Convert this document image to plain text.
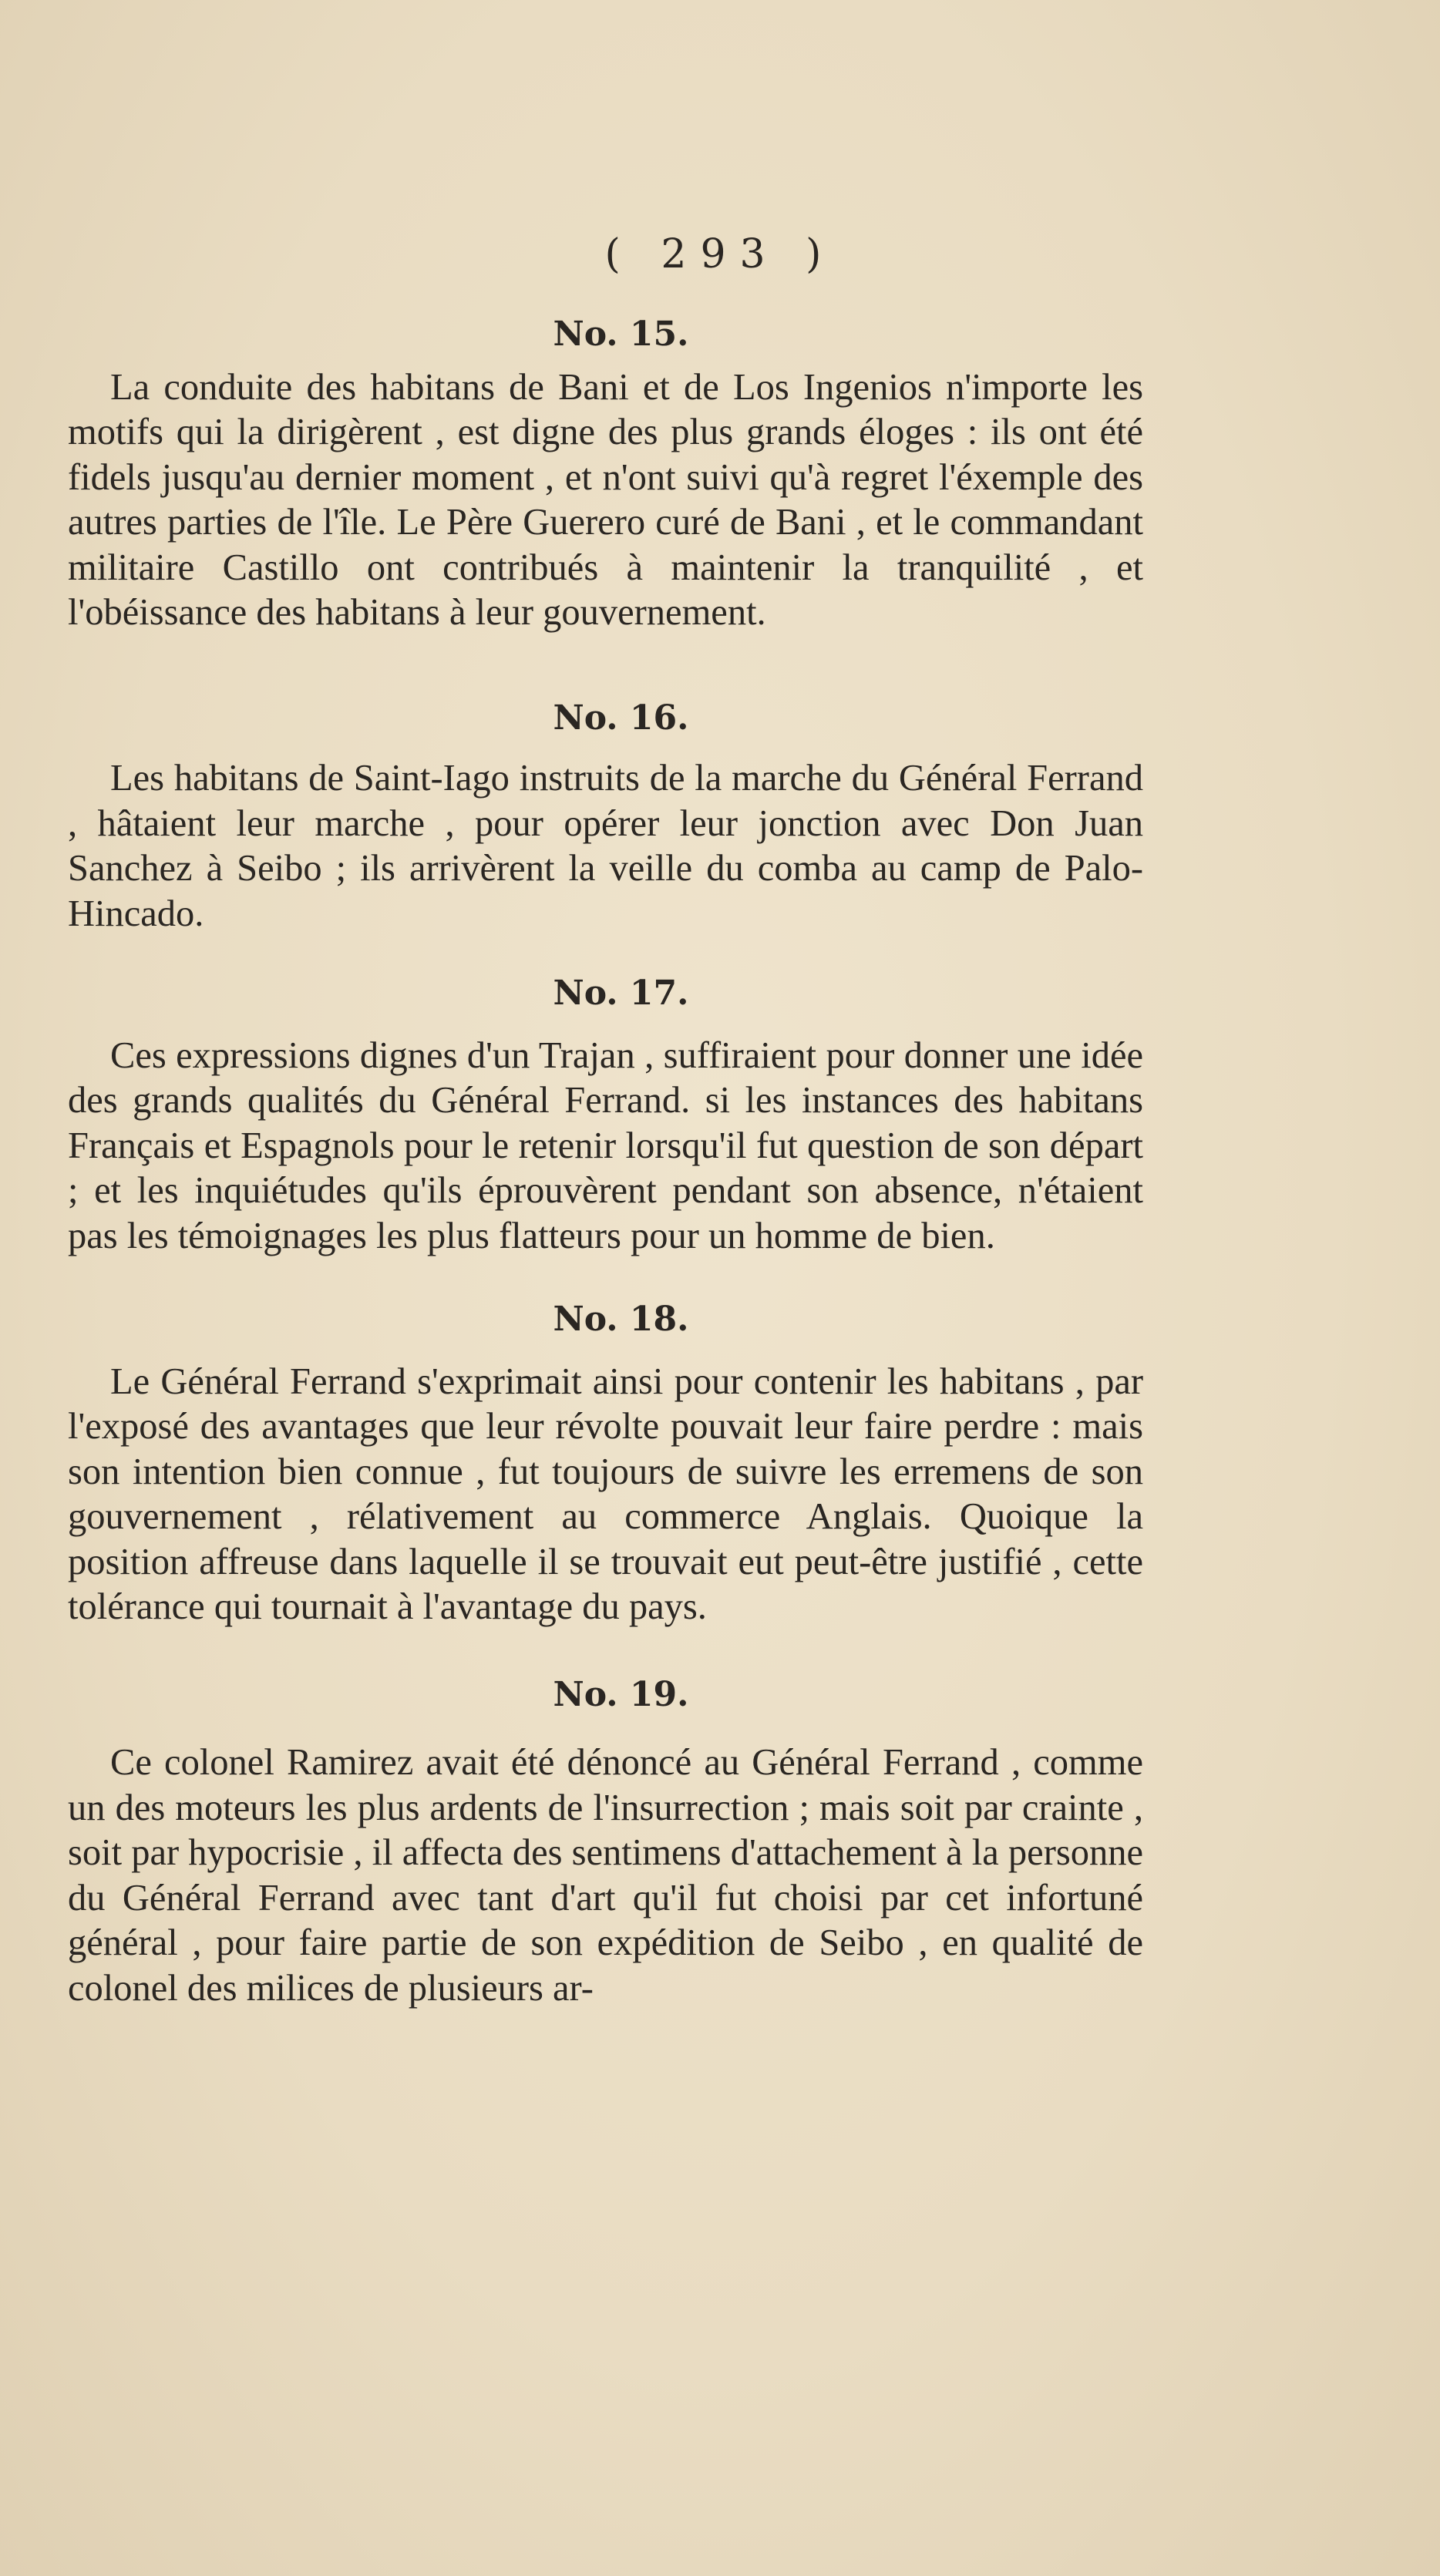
( 293 )
No. 15.

La conduite des habitans de Bani et de Los Ingenios n'importe les motifs qui la dirigèrent , est digne des plus grands éloges : ils ont été fidels jusqu'au dernier moment , et n'ont suivi qu'à regret l'éxemple des autres parties de l'île. Le Père Guerero curé de Bani , et le commandant militaire Castillo ont contribués à maintenir la tranquilité , et l'obéissance des habitans à leur gouvernement.

No. 16.

Les habitans de Saint-Iago instruits de la marche du Général Ferrand , hâtaient leur marche , pour opérer leur jonction avec Don Juan Sanchez à Seibo ; ils arrivèrent la veille du comba au camp de Palo-Hincado.

No. 17.

Ces expressions dignes d'un Trajan , suffiraient pour donner une idée des grands qualités du Général Ferrand. si les instances des habitans Français et Espagnols pour le retenir lorsqu'il fut question de son départ ; et les inquiétudes qu'ils éprouvèrent pendant son absence, n'étaient pas les témoignages les plus flatteurs pour un homme de bien.

No. 18.

Le Général Ferrand s'exprimait ainsi pour contenir les habitans , par l'exposé des avantages que leur révolte pouvait leur faire perdre : mais son intention bien connue , fut toujours de suivre les erremens de son gouvernement , rélativement au commerce Anglais. Quoique la position affreuse dans laquelle il se trouvait eut peut-être justifié , cette tolérance qui tournait à l'avantage du pays.

No. 19.

Ce colonel Ramirez avait été dénoncé au Général Ferrand , comme un des moteurs les plus ardents de l'insurrection ; mais soit par crainte , soit par hypocrisie , il affecta des sentimens d'attachement à la personne du Général Ferrand avec tant d'art qu'il fut choisi par cet infortuné général , pour faire partie de son expédition de Seibo , en qualité de colonel des milices de plusieurs ar-
